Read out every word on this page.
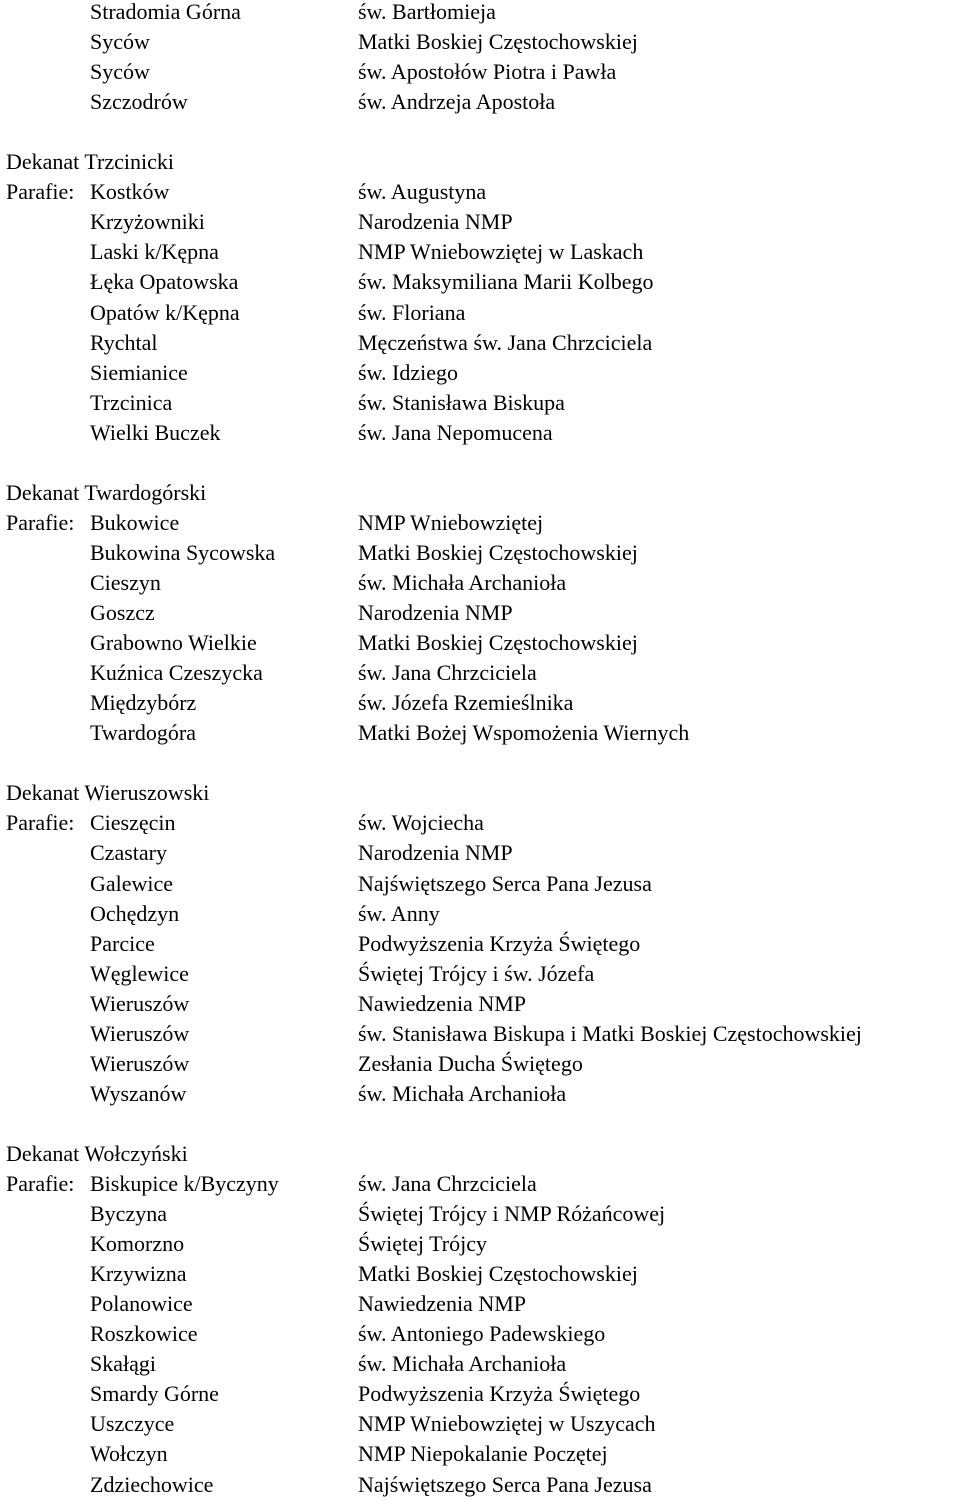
Stradomia Górna	św. Bartłomieja
Syców	Matki Boskiej Częstochowskiej
Syców	św. Apostołów Piotra i Pawła
Szczodrów	św. Andrzeja Apostoła
Dekanat Trzcinicki
Parafie: Kostków	św. Augustyna
Krzyżowniki	Narodzenia NMP
Laski k/Kępna	NMP Wniebowziętej w Laskach
Łęka Opatowska	św. Maksymiliana Marii Kolbego
Opatów k/Kępna	św. Floriana
Rychtal	Męczeństwa św. Jana Chrzciciela
Siemianice	św. Idziego
Trzcinica	św. Stanisława Biskupa
Wielki Buczek	św. Jana Nepomucena
Dekanat Twardogórski
Parafie: Bukowice	NMP Wniebowziętej
Bukowina Sycowska	Matki Boskiej Częstochowskiej
Cieszyn	św. Michała Archanioła
Goszcz	Narodzenia NMP
Grabowno Wielkie	Matki Boskiej Częstochowskiej
Kuźnica Czeszycka	św. Jana Chrzciciela
Międzybórz	św. Józefa Rzemieślnika
Twardogóra	Matki Bożej Wspomożenia Wiernych
Dekanat Wieruszowski
Parafie: Cieszęcin	św. Wojciecha
Czastary	Narodzenia NMP
Galewice	Najświętszego Serca Pana Jezusa
Ochędzyn	św. Anny
Parcice	Podwyższenia Krzyża Świętego
Węglewice	Świętej Trójcy i św. Józefa
Wieruszów	Nawiedzenia NMP
Wieruszów	św. Stanisława Biskupa i Matki Boskiej Częstochowskiej
Wieruszów	Zesłania Ducha Świętego
Wyszanów	św. Michała Archanioła
Dekanat Wołczyński
Parafie: Biskupice k/Byczyny	św. Jana Chrzciciela
Byczyna	Świętej Trójcy i NMP Różańcowej
Komorzno	Świętej Trójcy
Krzywizna	Matki Boskiej Częstochowskiej
Polanowice	Nawiedzenia NMP
Roszkowice	św. Antoniego Padewskiego
Skałągi	św. Michała Archanioła
Smardy Górne	Podwyższenia Krzyża Świętego
Uszczyce	NMP Wniebowziętej w Uszycach
Wołczyn	NMP Niepokalanie Poczętej
Zdziechowice	Najświętszego Serca Pana Jezusa
